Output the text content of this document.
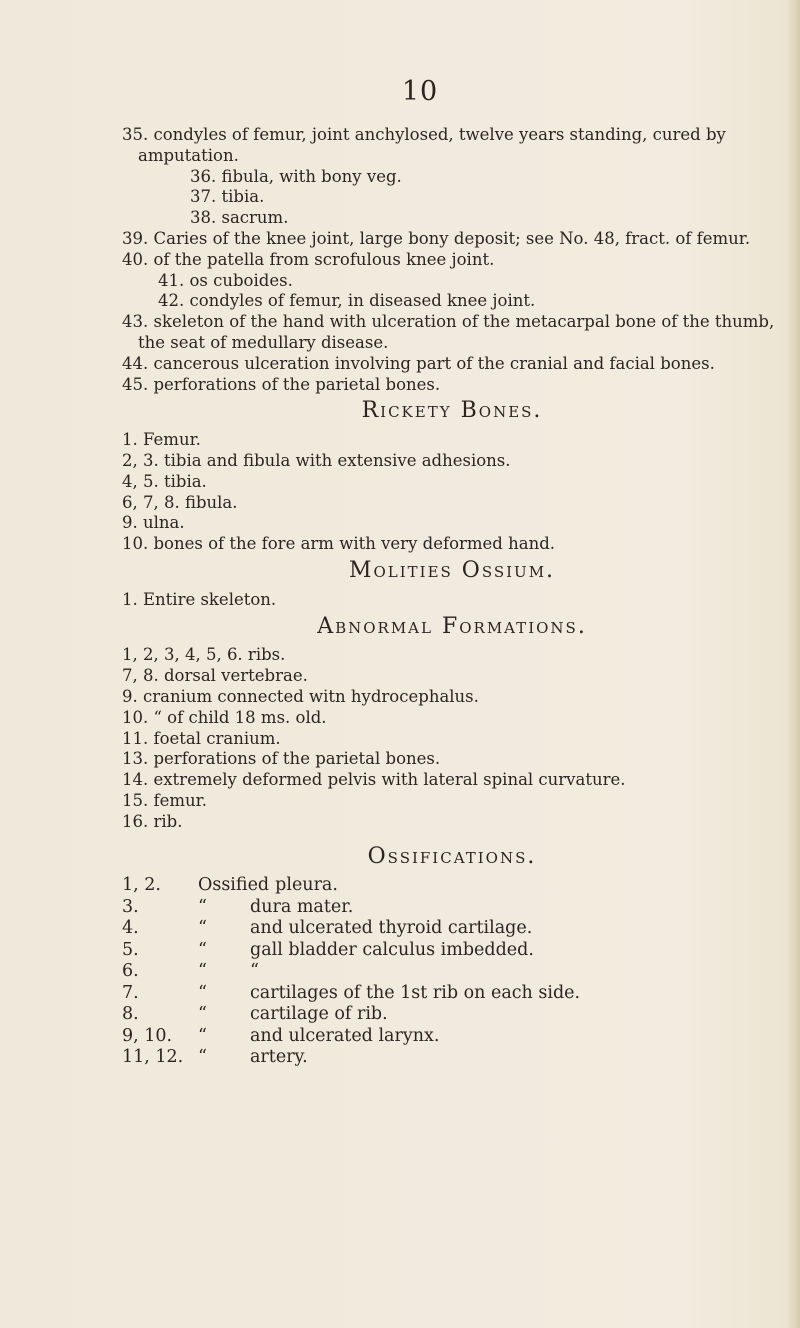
10

35. condyles of femur, joint anchylosed, twelve years standing, cured by amputation.

36. fibula, with bony veg.

37. tibia.

38. sacrum.

39. Caries of the knee joint, large bony deposit; see No. 48, fract. of femur.

40. of the patella from scrofulous knee joint.

41. os cuboides.

42. condyles of femur, in diseased knee joint.

43. skeleton of the hand with ulceration of the metacarpal bone of the thumb, the seat of medullary disease.

44. cancerous ulceration involving part of the cranial and facial bones.

45. perforations of the parietal bones.

Rickety Bones.

1. Femur.

2, 3. tibia and fibula with extensive adhesions.

4, 5. tibia.

6, 7, 8. fibula.

9. ulna.

10. bones of the fore arm with very deformed hand.

Molities Ossium.

1. Entire skeleton.

Abnormal Formations.

1, 2, 3, 4, 5, 6. ribs.

7, 8. dorsal vertebrae.

9. cranium connected witn hydrocephalus.

10. “ of child 18 ms. old.

11. foetal cranium.

13. perforations of the parietal bones.

14. extremely deformed pelvis with lateral spinal curvature.

15. femur.

16. rib.

Ossifications.
1, 2.	Ossified pleura.
3.	“	dura mater.
4.	“	and ulcerated thyroid cartilage.
5.	“	gall bladder calculus imbedded.
6.	“	“
7.	“	cartilages of the 1st rib on each side.
8.	“	cartilage of rib.
9, 10.	“	and ulcerated larynx.
11, 12. “	artery.
